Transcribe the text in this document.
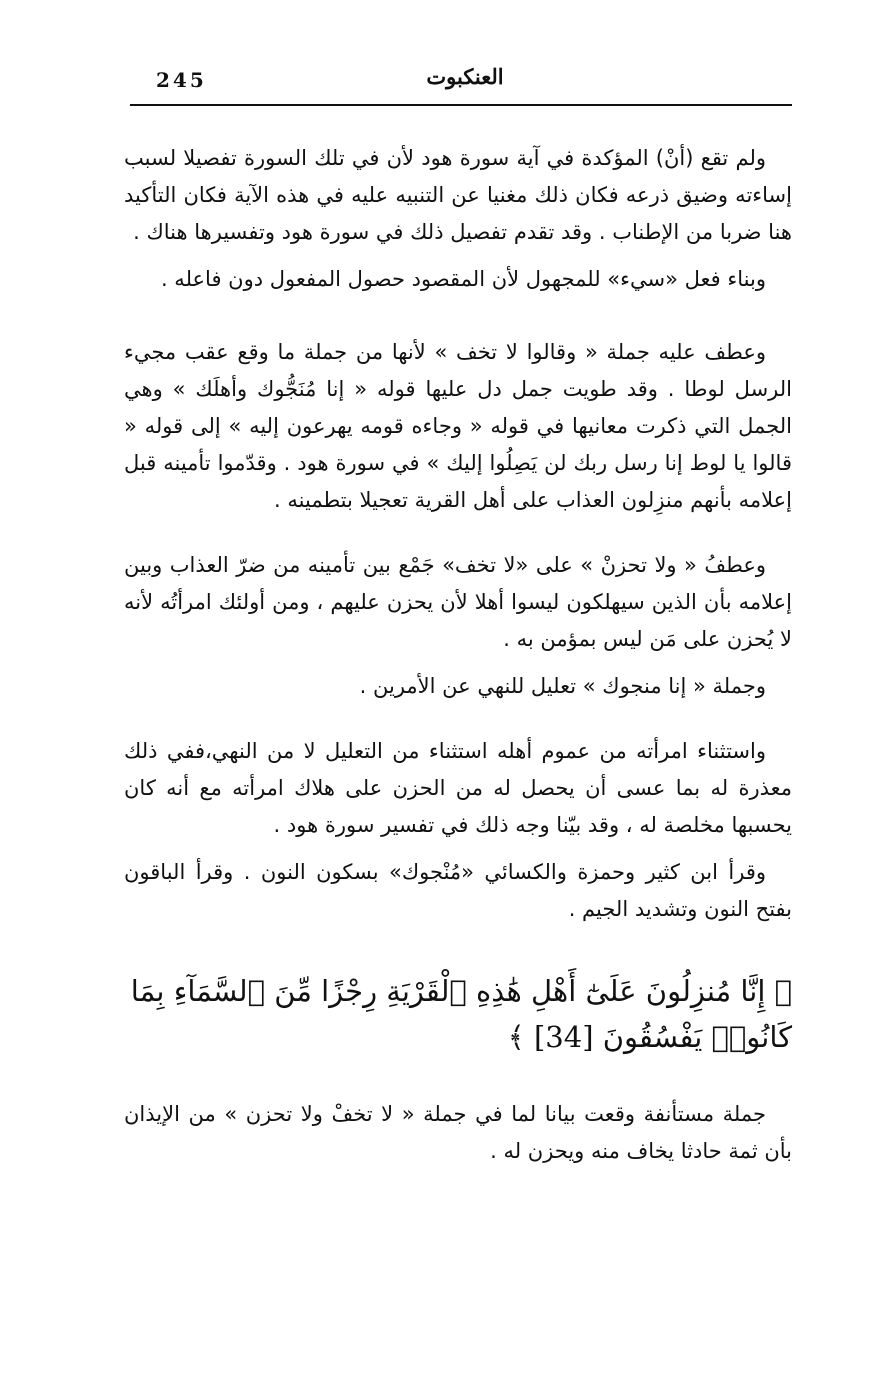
245	العنكبوت

ولم تقع (أنْ) المؤكدة في آية سورة هود لأن في تلك السورة تفصيلا لسبب إساءته وضيق ذرعه فكان ذلك مغنيا عن التنبيه عليه في هذه الآية فكان التأكيد هنا ضربا من الإطناب . وقد تقدم تفصيل ذلك في سورة هود وتفسيرها هناك .

وبناء فعل «سيء» للمجهول لأن المقصود حصول المفعول دون فاعله .

وعطف عليه جملة « وقالوا لا تخف » لأنها من جملة ما وقع عقب مجيء الرسل لوطا . وقد طويت جمل دل عليها قوله « إنا مُنَجُّوك وأهلَك » وهي الجمل التي ذكرت معانيها في قوله « وجاءه قومه يهرعون إليه » إلى قوله « قالوا يا لوط إنا رسل ربك لن يَصِلُوا إليك » في سورة هود . وقدّموا تأمينه قبل إعلامه بأنهم منزِلون العذاب على أهل القرية تعجيلا بتطمينه .

وعطفُ « ولا تحزنْ » على «لا تخف» جَمْع بين تأمينه من ضرّ العذاب وبين إعلامه بأن الذين سيهلكون ليسوا أهلا لأن يحزن عليهم ، ومن أولئك امرأتُه لأنه لا يُحزن على مَن ليس بمؤمن به .

وجملة « إنا منجوك » تعليل للنهي عن الأمرين .

واستثناء امرأته من عموم أهله استثناء من التعليل لا من النهي،ففي ذلك معذرة له بما عسى أن يحصل له من الحزن على هلاك امرأته مع أنه كان يحسبها مخلصة له ، وقد بيّنا وجه ذلك في تفسير سورة هود .

وقرأ ابن كثير وحمزة والكسائي «مُنْجوك» بسكون النون . وقرأ الباقون بفتح النون وتشديد الجيم .

﴿ إِنَّا مُنزِلُونَ عَلَىٰٓ أَهْلِ هَٰذِهِ ٱلْقَرْيَةِ رِجْزًا مِّنَ ٱلسَّمَآءِ بِمَا كَانُوا۟ يَفْسُقُونَ [34] ﴾

جملة مستأنفة وقعت بيانا لما في جملة « لا تخفْ ولا تحزن » من الإيذان بأن ثمة حادثا يخاف منه ويحزن له .
